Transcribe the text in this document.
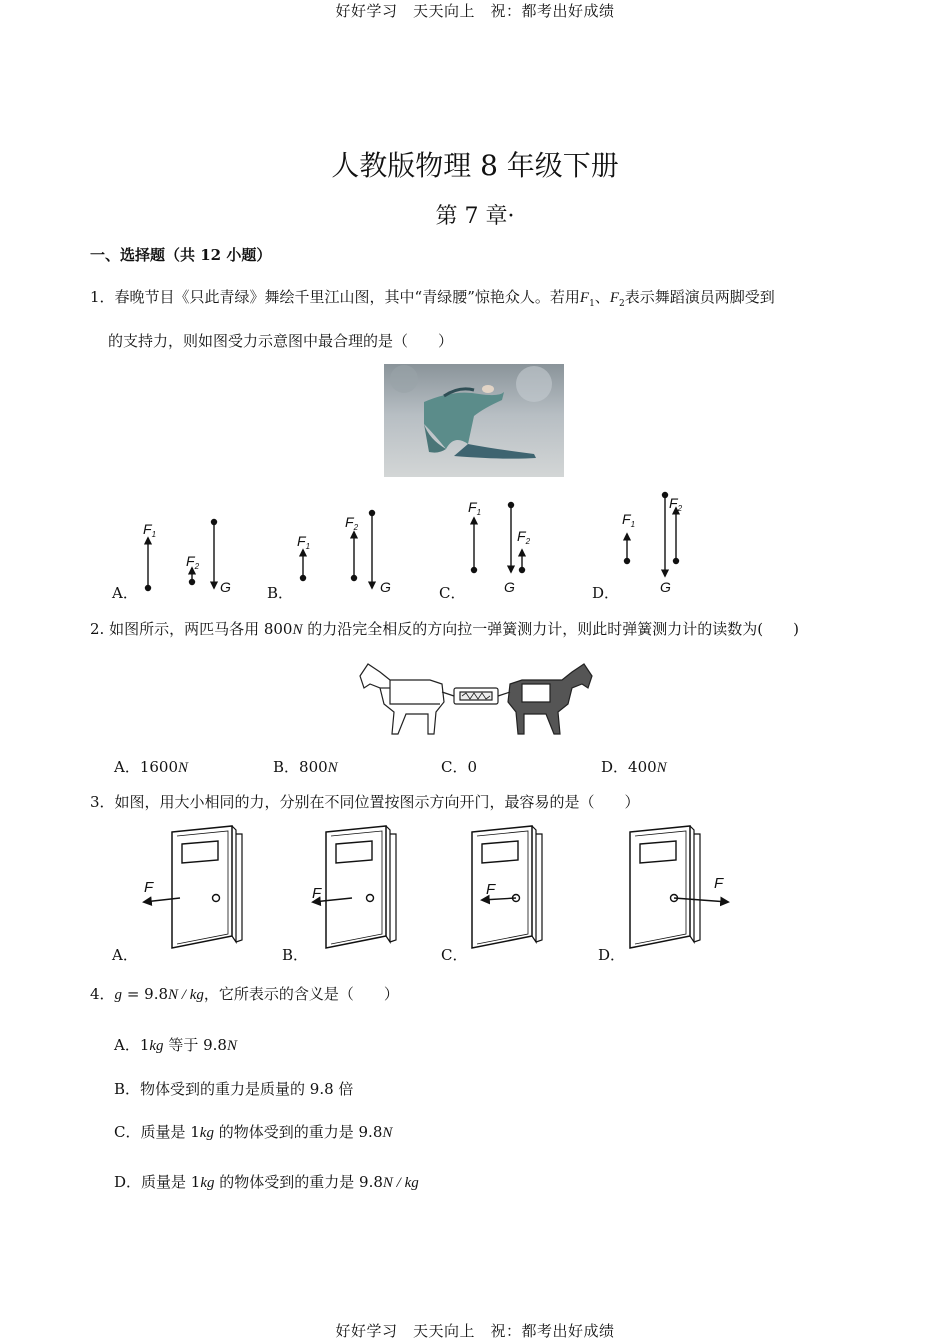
好好学习　天天向上　祝：都考出好成绩
人教版物理 8 年级下册
第 7 章·
一、选择题（共 12 小题）
1．春晚节目《只此青绿》舞绘千里江山图，其中“青绿腰”惊艳众人。若用$F_1$、$F_2$表示舞蹈演员两脚受到
的支持力，则如图受力示意图中最合理的是（　　）
$F_1$
$F_2$
G
$F_1$
$F_2$
G
$F_1$
G
$F_2$
$F_1$
G
$F_2$
A．	B．	C．	D．
2. 如图所示，两匹马各用 800N 的力沿完全相反的方向拉一弹簧测力计，则此时弹簧测力计的读数为(　　)
A．1600N	B．800N	C．0	D．400N
3．如图，用大小相同的力，分别在不同位置按图示方向开门，最容易的是（　　）
F	F	F	F
A．	B．	C．	D．
4．g = 9.8N / kg，它所表示的含义是（　　）
A．1kg 等于 9.8N
B．物体受到的重力是质量的 9.8 倍
C．质量是 1kg 的物体受到的重力是 9.8N
D．质量是 1kg 的物体受到的重力是 9.8N / kg
好好学习　天天向上　祝：都考出好成绩
